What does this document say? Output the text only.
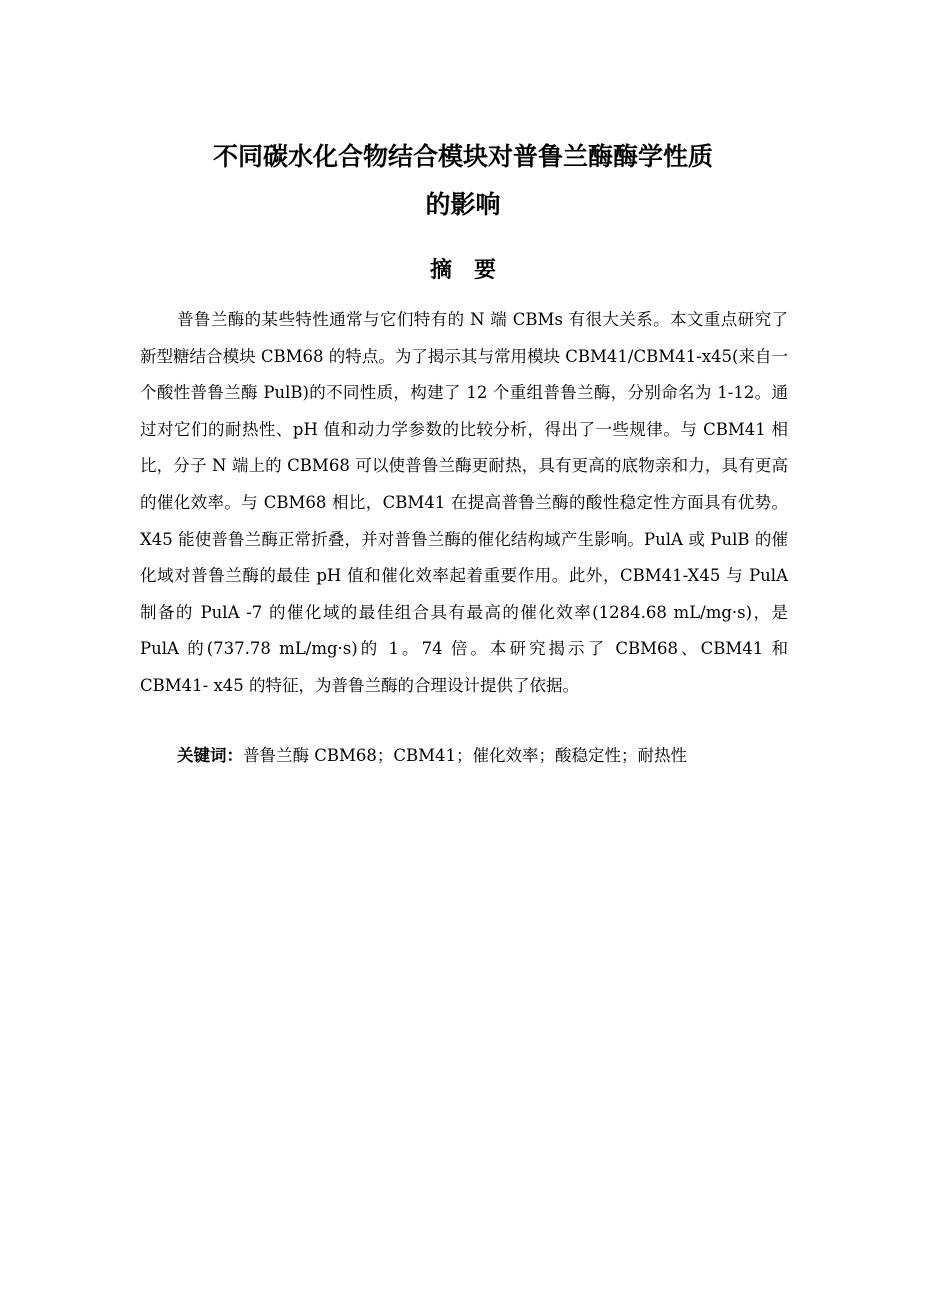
不同碳水化合物结合模块对普鲁兰酶酶学性质
的影响
摘要

普鲁兰酶的某些特性通常与它们特有的 N 端 CBMs 有很大关系。本文重点研究了新型糖结合模块 CBM68 的特点。为了揭示其与常用模块 CBM41/CBM41-x45(来自一个酸性普鲁兰酶 PulB)的不同性质，构建了 12 个重组普鲁兰酶，分别命名为 1-12。通过对它们的耐热性、pH 值和动力学参数的比较分析，得出了一些规律。与 CBM41 相比，分子 N 端上的 CBM68 可以使普鲁兰酶更耐热，具有更高的底物亲和力，具有更高的催化效率。与 CBM68 相比，CBM41 在提高普鲁兰酶的酸性稳定性方面具有优势。X45 能使普鲁兰酶正常折叠，并对普鲁兰酶的催化结构域产生影响。PulA 或 PulB 的催化域对普鲁兰酶的最佳 pH 值和催化效率起着重要作用。此外，CBM41-X45 与 PulA 制备的 PulA -7 的催化域的最佳组合具有最高的催化效率(1284.68 mL/mg·s)，是 PulA 的(737.78 mL/mg·s)的 1。74 倍。本研究揭示了 CBM68、CBM41 和 CBM41- x45 的特征，为普鲁兰酶的合理设计提供了依据。

关键词：普鲁兰酶 CBM68；CBM41；催化效率；酸稳定性；耐热性
